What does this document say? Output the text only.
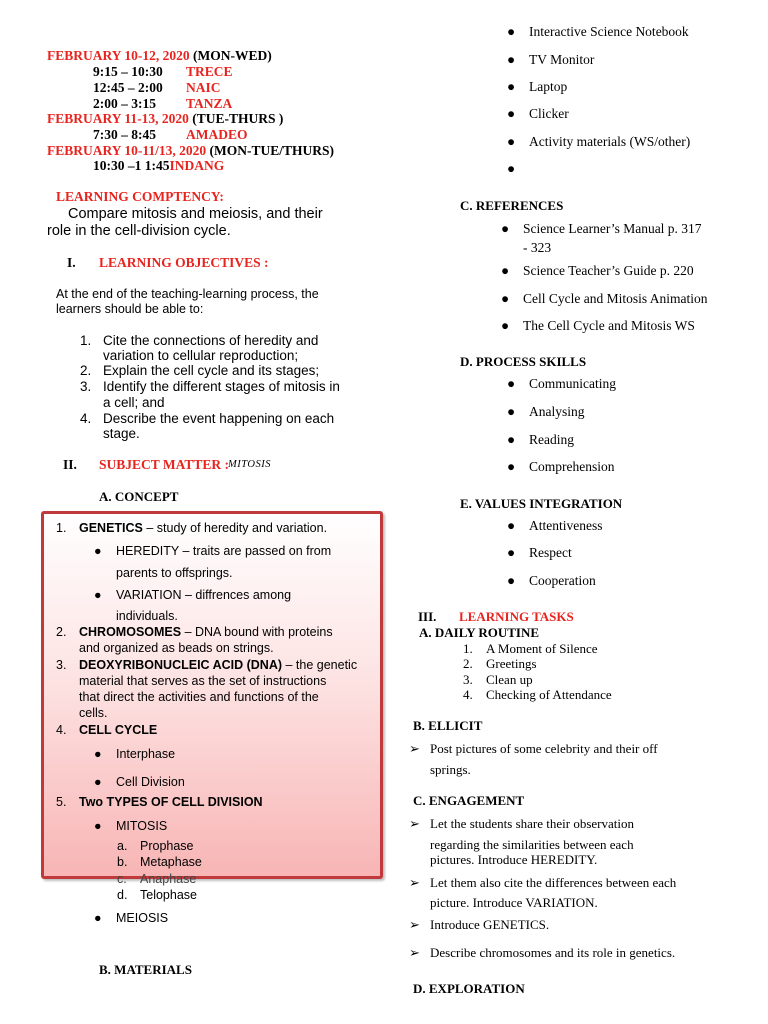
FEBRUARY 10-12, 2020 (MON-WED)
9:15 – 10:30 TRECE
12:45 – 2:00 NAIC
2:00 – 3:15 TANZA
FEBRUARY 11-13, 2020 (TUE-THURS )
7:30 – 8:45 AMADEO
FEBRUARY 10-11/13, 2020 (MON-TUE/THURS)
10:30 –1 1:45INDANG
LEARNING COMPTENCY:
Compare mitosis and meiosis, and their
role in the cell-division cycle.
I. LEARNING OBJECTIVES :
At the end of the teaching-learning process, the
learners should be able to:
1. Cite the connections of heredity and
variation to cellular reproduction;
2. Explain the cell cycle and its stages;
3. Identify the different stages of mitosis in
a cell; and
4. Describe the event happening on each
stage.
II. SUBJECT MATTER :
MITOSIS
A. CONCEPT
1. GENETICS – study of heredity and variation.
● HEREDITY – traits are passed on from
parents to offsprings.
● VARIATION – diffrences among
individuals.
2. CHROMOSOMES – DNA bound with proteins
and organized as beads on strings.
3. DEOXYRIBONUCLEIC ACID (DNA) – the genetic
material that serves as the set of instructions
that direct the activities and functions of the
cells.
4. CELL CYCLE
● Interphase
● Cell Division
5. Two TYPES OF CELL DIVISION
● MITOSIS
a. Prophase
b. Metaphase
c. Anaphase
d. Telophase
● MEIOSIS
B. MATERIALS
● Interactive Science Notebook
● TV Monitor
● Laptop
● Clicker
● Activity materials (WS/other)
●
C. REFERENCES
● Science Learner’s Manual p. 317
- 323
● Science Teacher’s Guide p. 220
● Cell Cycle and Mitosis Animation
● The Cell Cycle and Mitosis WS
D. PROCESS SKILLS
● Communicating
● Analysing
● Reading
● Comprehension
E. VALUES INTEGRATION
● Attentiveness
● Respect
● Cooperation
III. LEARNING TASKS
A. DAILY ROUTINE
1. A Moment of Silence
2. Greetings
3. Clean up
4. Checking of Attendance
B. ELLICIT
➢ Post pictures of some celebrity and their off
springs.
C. ENGAGEMENT
➢ Let the students share their observation
regarding the similarities between each
pictures. Introduce HEREDITY.
➢ Let them also cite the differences between each
picture. Introduce VARIATION.
➢ Introduce GENETICS.
➢ Describe chromosomes and its role in genetics.
D. EXPLORATION
